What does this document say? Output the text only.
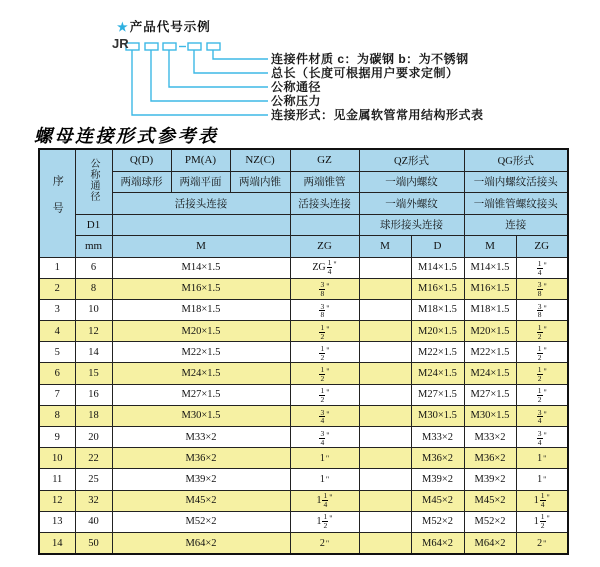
★产品代号示例
JR
连接件材质 c：为碳钢 b：为不锈钢
总长（长度可根据用户要求定制）
公称通径
公称压力
连接形式：见金属软管常用结构形式表
螺母连接形式参考表
序号	公称通径	Q(D)	PM(A)	NZ(C)	GZ	QZ形式		QG形式	
		两端球形	两端平面	两端内锥	两端锥管	一端内螺纹		一端内螺纹活接头	
		活接头连接			活接头连接	一端外螺纹		一端锥管螺纹接头	
	D1					球形接头连接		连接	
	mm	M			ZG	M	D	M	ZG
1	6	M14×1.5			ZG $\frac{1}{4}$ "		M14×1.5	M14×1.5	$\frac{1}{4}$ "

2	8	M16×1.5			$\frac{3}{8}$ "		M16×1.5	M16×1.5	$\frac{3}{8}$ "

3	10	M18×1.5			$\frac{3}{8}$ "		M18×1.5	M18×1.5	$\frac{3}{8}$ "

4	12	M20×1.5			$\frac{1}{2}$ "		M20×1.5	M20×1.5	$\frac{1}{2}$ "

5	14	M22×1.5			$\frac{1}{2}$ "		M22×1.5	M22×1.5	$\frac{1}{2}$ "

6	15	M24×1.5			$\frac{1}{2}$ "		M24×1.5	M24×1.5	$\frac{1}{2}$ "

7	16	M27×1.5			$\frac{1}{2}$ "		M27×1.5	M27×1.5	$\frac{1}{2}$ "

8	18	M30×1.5			$\frac{3}{4}$ "		M30×1.5	M30×1.5	$\frac{3}{4}$ "

9	20	M33×2			$\frac{3}{4}$ "		M33×2	M33×2	$\frac{3}{4}$ "

10	22	M36×2			1 "		M36×2	M36×2	1 "

11	25	M39×2			1 "		M39×2	M39×2	1 "

12	32	M45×2			$1 \frac{1}{4}$ "		M45×2	M45×2	$1 \frac{1}{4}$ "

13	40	M52×2			$1 \frac{1}{2}$ "		M52×2	M52×2	$1 \frac{1}{2}$ "

14	50	M64×2			2 "		M64×2	M64×2	2 "
